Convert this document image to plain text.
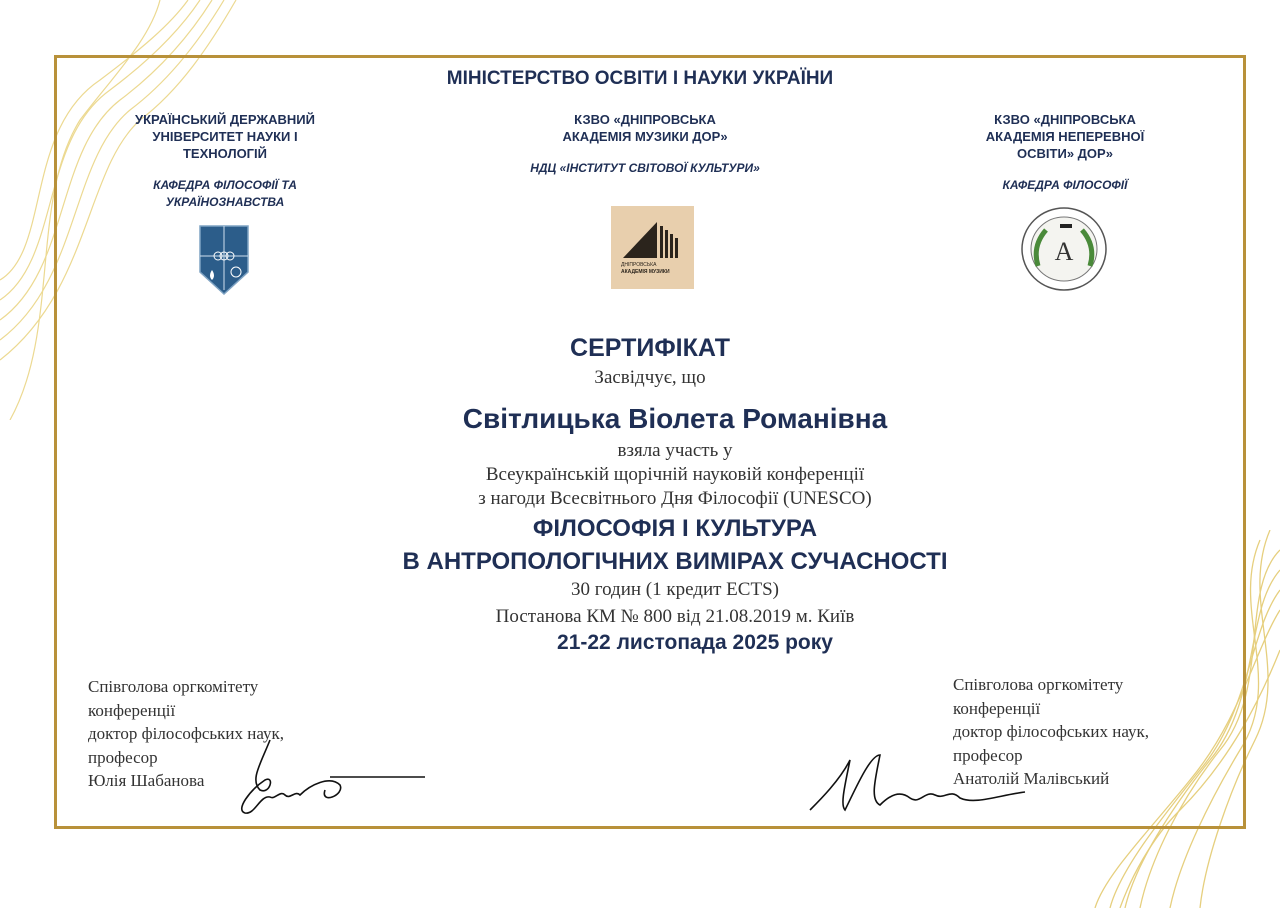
МІНІСТЕРСТВО ОСВІТИ І НАУКИ УКРАЇНИ
УКРАЇНСЬКИЙ ДЕРЖАВНИЙ
УНІВЕРСИТЕТ НАУКИ І
ТЕХНОЛОГІЙ
КАФЕДРА ФІЛОСОФІЇ ТА
УКРАЇНОЗНАВСТВА
КЗВО «ДНІПРОВСЬКА
АКАДЕМІЯ МУЗИКИ ДОР»
НДЦ «ІНСТИТУТ СВІТОВОЇ КУЛЬТУРИ»
ДНІПРОВСЬКА
АКАДЕМІЯ МУЗИКИ
КЗВО «ДНІПРОВСЬКА
АКАДЕМІЯ НЕПЕРЕВНОЇ
ОСВІТИ» ДОР»
КАФЕДРА ФІЛОСОФІЇ
A
СЕРТИФІКАТ
Засвідчує, що
Світлицька Віолета Романівна
взяла участь у
Всеукраїнській щорічній науковій конференції
з нагоди Всесвітнього Дня Філософії (UNESCO)
ФІЛОСОФІЯ І КУЛЬТУРА
В АНТРОПОЛОГІЧНИХ ВИМІРАХ СУЧАСНОСТІ
30 годин (1 кредит ECTS)
Постанова КМ № 800 від 21.08.2019 м. Київ
21-22 листопада 2025 року
Співголова оргкомітету
конференції
доктор філософських наук,
професор
Юлія Шабанова
Співголова оргкомітету
конференції
доктор філософських наук,
професор
Анатолій Малівський
